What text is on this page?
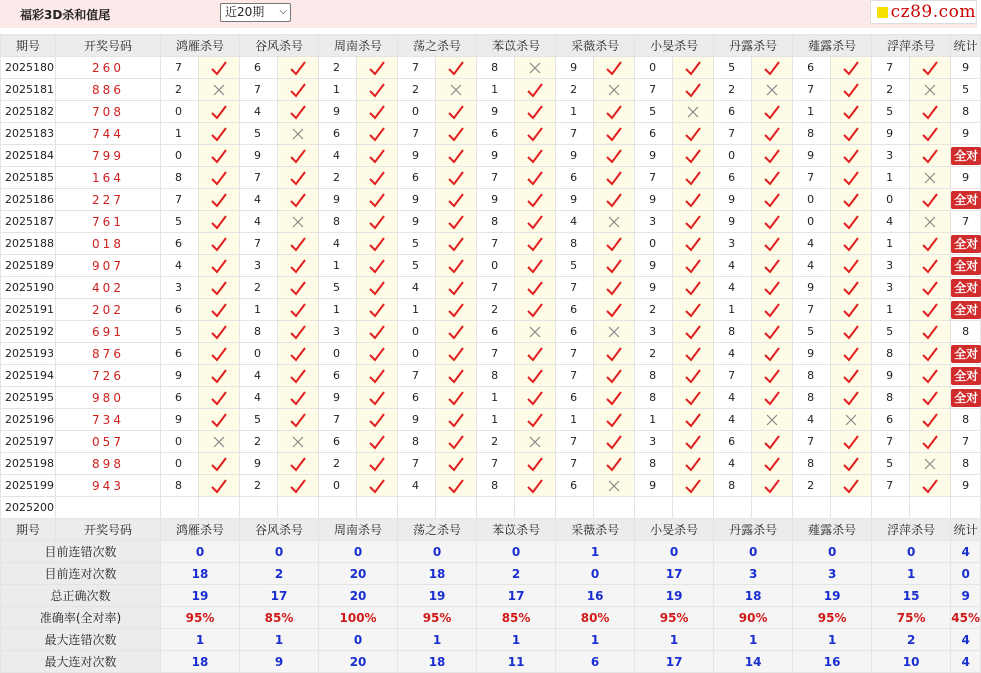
福彩3D杀和值尾	近20期 ⌵	cz89.com
期号	开奖号码	鸿雁杀号		谷风杀号		周南杀号		荡之杀号		苯苡杀号		采薇杀号		小旻杀号		丹露杀号		薤露杀号		浮萍杀号		统计
2025180	260	7		6		2		7		8		9		0		5		6		7		9
2025181	886	2		7		1		2		1		2		7		2		7		2		5
2025182	708	0		4		9		0		9		1		5		6		1		5		8
2025183	744	1		5		6		7		6		7		6		7		8		9		9
2025184	799	0		9		4		9		9		9		9		0		9		3		全对
2025185	164	8		7		2		6		7		6		7		6		7		1		9
2025186	227	7		4		9		9		9		9		9		9		0		0		全对
2025187	761	5		4		8		9		8		4		3		9		0		4		7
2025188	018	6		7		4		5		7		8		0		3		4		1		全对
2025189	907	4		3		1		5		0		5		9		4		4		3		全对
2025190	402	3		2		5		4		7		7		9		4		9		3		全对
2025191	202	6		1		1		1		2		6		2		1		7		1		全对
2025192	691	5		8		3		0		6		6		3		8		5		5		8
2025193	876	6		0		0		0		7		7		2		4		9		8		全对
2025194	726	9		4		6		7		8		7		8		7		8		9		全对
2025195	980	6		4		9		6		1		6		8		4		8		8		全对
2025196	734	9		5		7		9		1		1		1		4		4		6		8
2025197	057	0		2		6		8		2		7		3		6		7		7		7
2025198	898	0		9		2		7		7		7		8		4		8		5		8
2025199	943	8		2		0		4		8		6		9		8		2		7		9
2025200	当前期杀号	9		2		8		3		6		8		8		3		3		3		
期号	开奖号码	鸿雁杀号		谷风杀号		周南杀号		荡之杀号		苯苡杀号		采薇杀号		小旻杀号		丹露杀号		薤露杀号		浮萍杀号		统计
目前连错次数		0		0		0		0		0		1		0		0		0		0		4
目前连对次数		18		2		20		18		2		0		17		3		3		1		0
总正确次数		19		17		20		19		17		16		19		18		19		15		9
准确率(全对率)		95%		85%		100%		95%		85%		80%		95%		90%		95%		75%		45%
最大连错次数		1		1		0		1		1		1		1		1		1		2		4
最大连对次数		18		9		20		18		11		6		17		14		16		10		4
